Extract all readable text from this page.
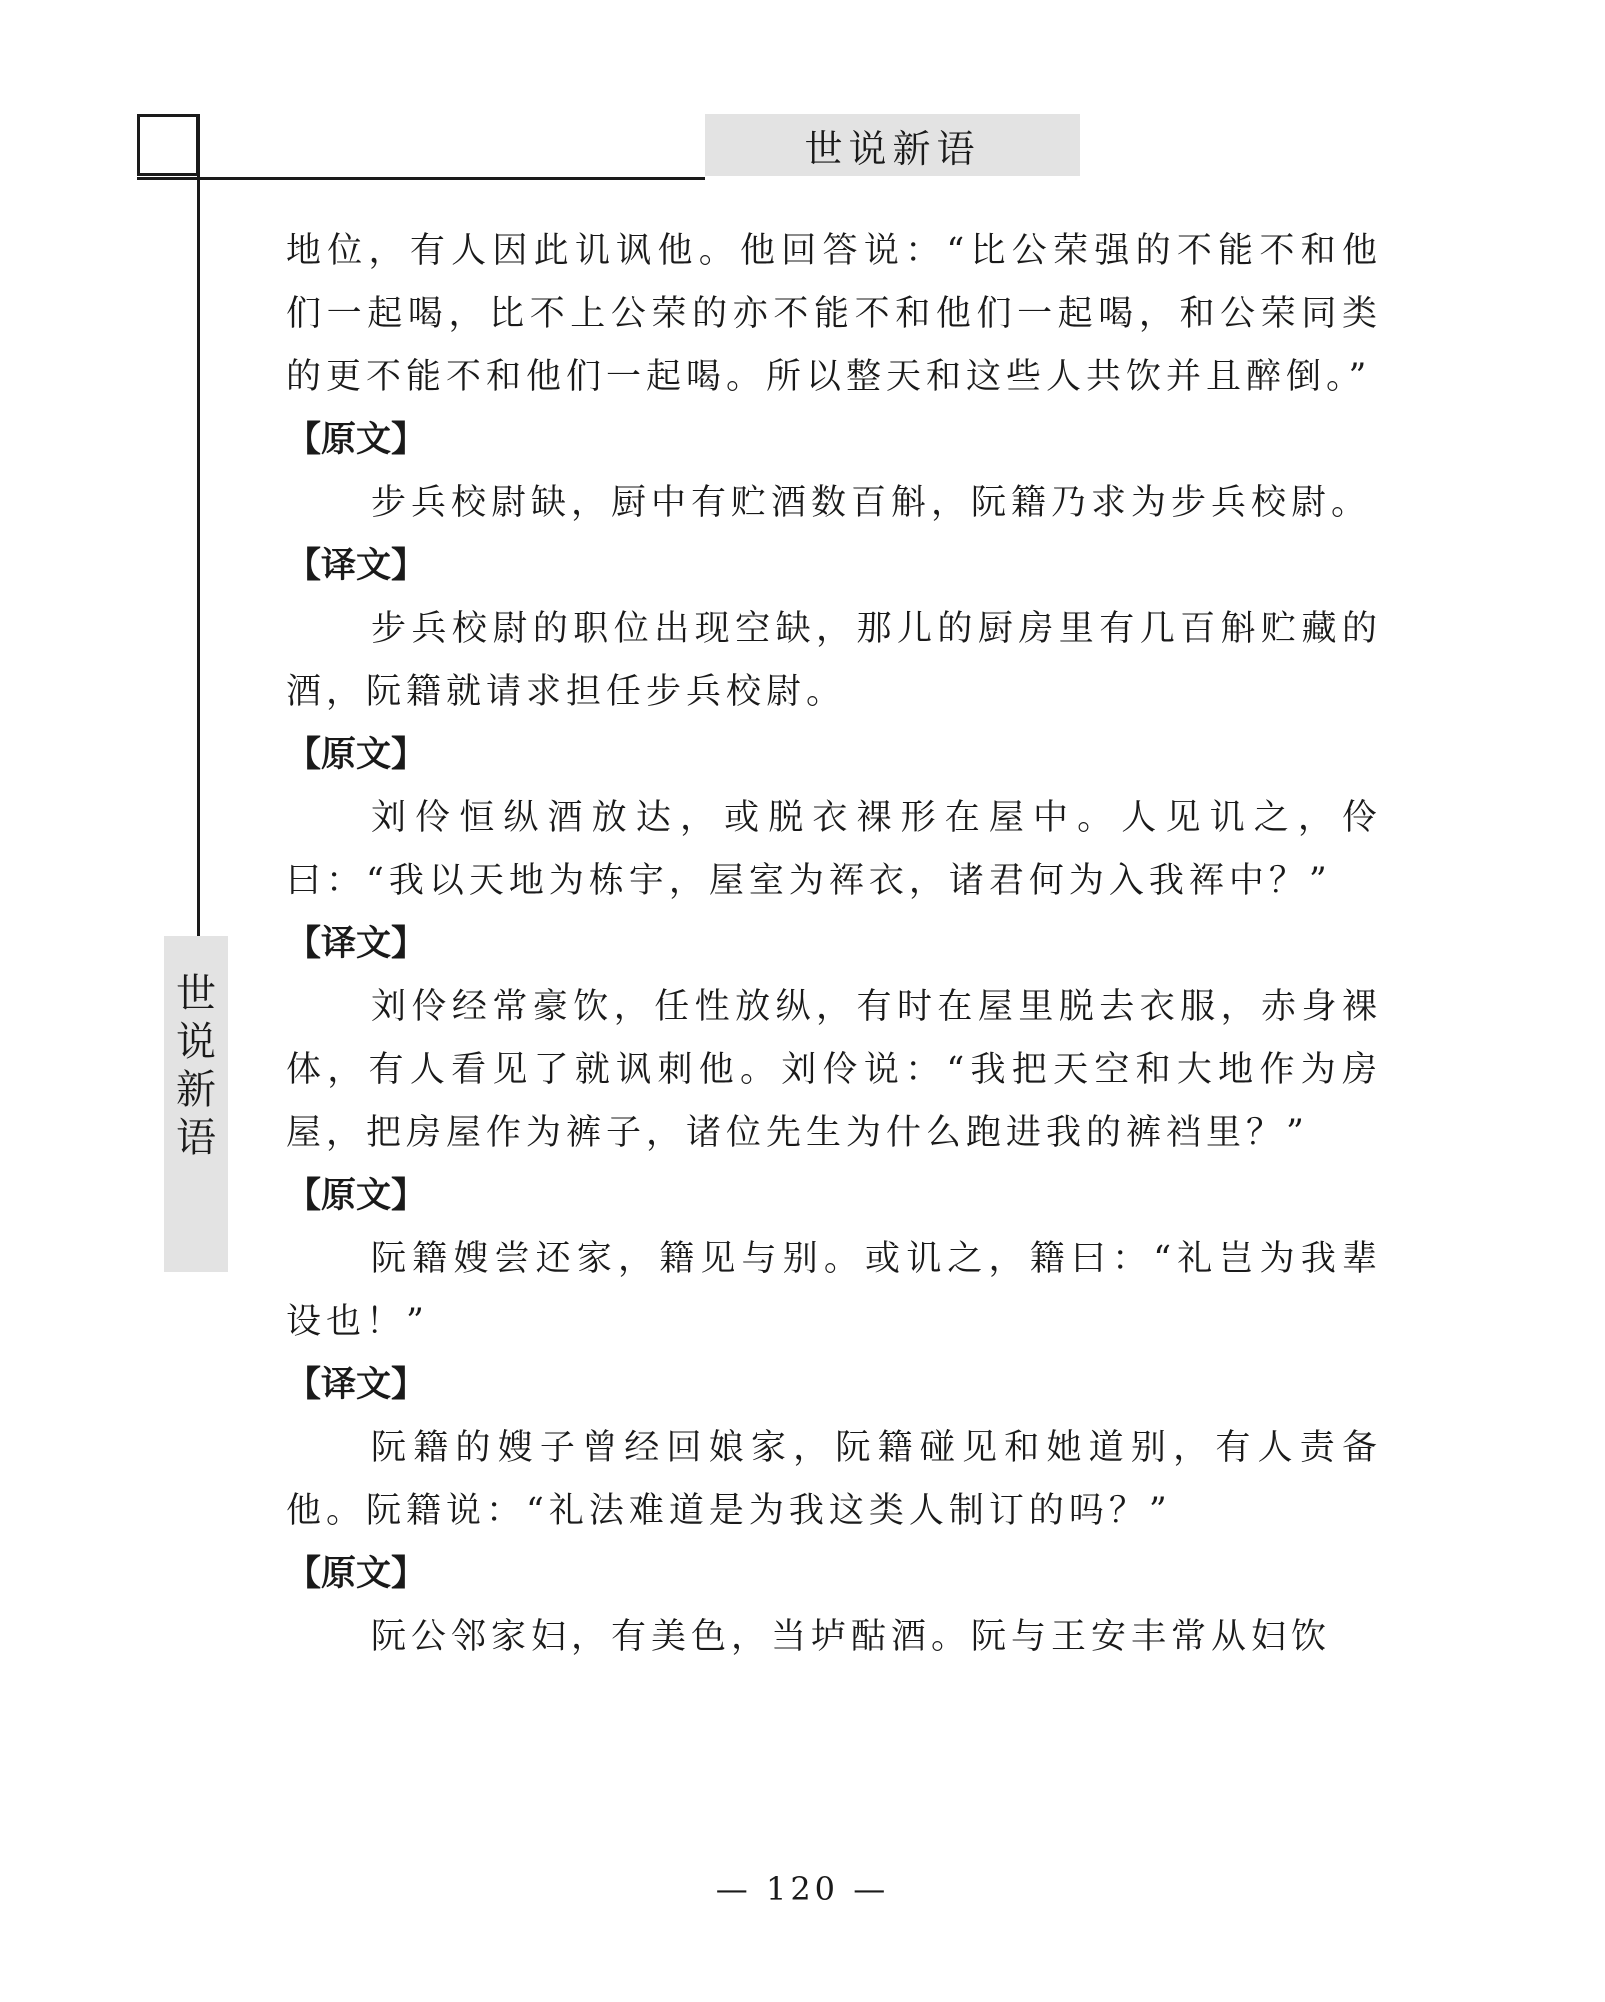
世说新语
世
说
新
语

地位，有人因此讥讽他。他回答说：“比公荣强的不能不和他们一起喝，比不上公荣的亦不能不和他们一起喝，和公荣同类的更不能不和他们一起喝。所以整天和这些人共饮并且醉倒。”

【原文】

步兵校尉缺，厨中有贮酒数百斛，阮籍乃求为步兵校尉。

【译文】

步兵校尉的职位出现空缺，那儿的厨房里有几百斛贮藏的酒，阮籍就请求担任步兵校尉。

【原文】

刘伶恒纵酒放达，或脱衣裸形在屋中。人见讥之，伶曰：“我以天地为栋宇，屋室为裈衣，诸君何为入我裈中？”

【译文】

刘伶经常豪饮，任性放纵，有时在屋里脱去衣服，赤身裸体，有人看见了就讽刺他。刘伶说：“我把天空和大地作为房屋，把房屋作为裤子，诸位先生为什么跑进我的裤裆里？”

【原文】

阮籍嫂尝还家，籍见与别。或讥之，籍曰：“礼岂为我辈设也！”

【译文】

阮籍的嫂子曾经回娘家，阮籍碰见和她道别，有人责备他。阮籍说：“礼法难道是为我这类人制订的吗？”

【原文】

阮公邻家妇，有美色，当垆酤酒。阮与王安丰常从妇饮

— 120 —
